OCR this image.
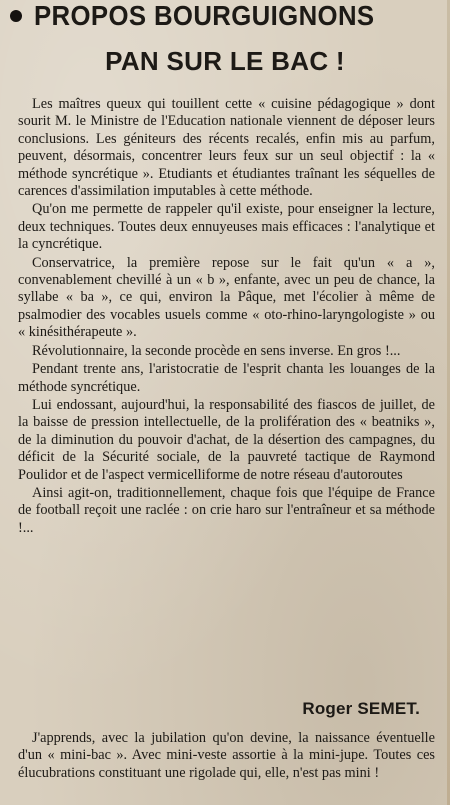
PROPOS BOURGUIGNONS
PAN SUR LE BAC !

Les maîtres queux qui touillent cette « cuisine pédagogique » dont sourit M. le Ministre de l'Education nationale viennent de déposer leurs conclusions. Les géniteurs des récents recalés, enfin mis au parfum, peuvent, désormais, concentrer leurs feux sur un seul objectif : la « méthode syncrétique ». Etudiants et étudiantes traînant les séquelles de carences d'assimilation imputables à cette méthode.

Qu'on me permette de rappeler qu'il existe, pour enseigner la lecture, deux techniques. Toutes deux ennuyeuses mais efficaces : l'analytique et la cyncrétique.

Conservatrice, la première repose sur le fait qu'un « a », convenablement chevillé à un « b », enfante, avec un peu de chance, la syllabe « ba », ce qui, environ la Pâque, met l'écolier à même de psalmodier des vocables usuels comme « oto-rhino-laryngologiste » ou « kinésithérapeute ».

Révolutionnaire, la seconde procède en sens inverse. En gros !...

Pendant trente ans, l'aristocratie de l'esprit chanta les louanges de la méthode syncrétique.

Lui endossant, aujourd'hui, la responsabilité des fiascos de juillet, de la baisse de pression intellectuelle, de la prolifération des « beatniks », de la diminution du pouvoir d'achat, de la désertion des campagnes, du déficit de la Sécurité sociale, de la pauvreté tactique de Raymond Poulidor et de l'aspect vermicelliforme de notre réseau d'autoroutes

Ainsi agit-on, traditionnellement, chaque fois que l'équipe de France de football reçoit une raclée : on crie haro sur l'entraîneur et sa méthode !...

Roger SEMET.

J'apprends, avec la jubilation qu'on devine, la naissance éventuelle d'un « mini-bac ». Avec mini-veste assortie à la mini-jupe. Toutes ces élucubrations constituant une rigolade qui, elle, n'est pas mini !
